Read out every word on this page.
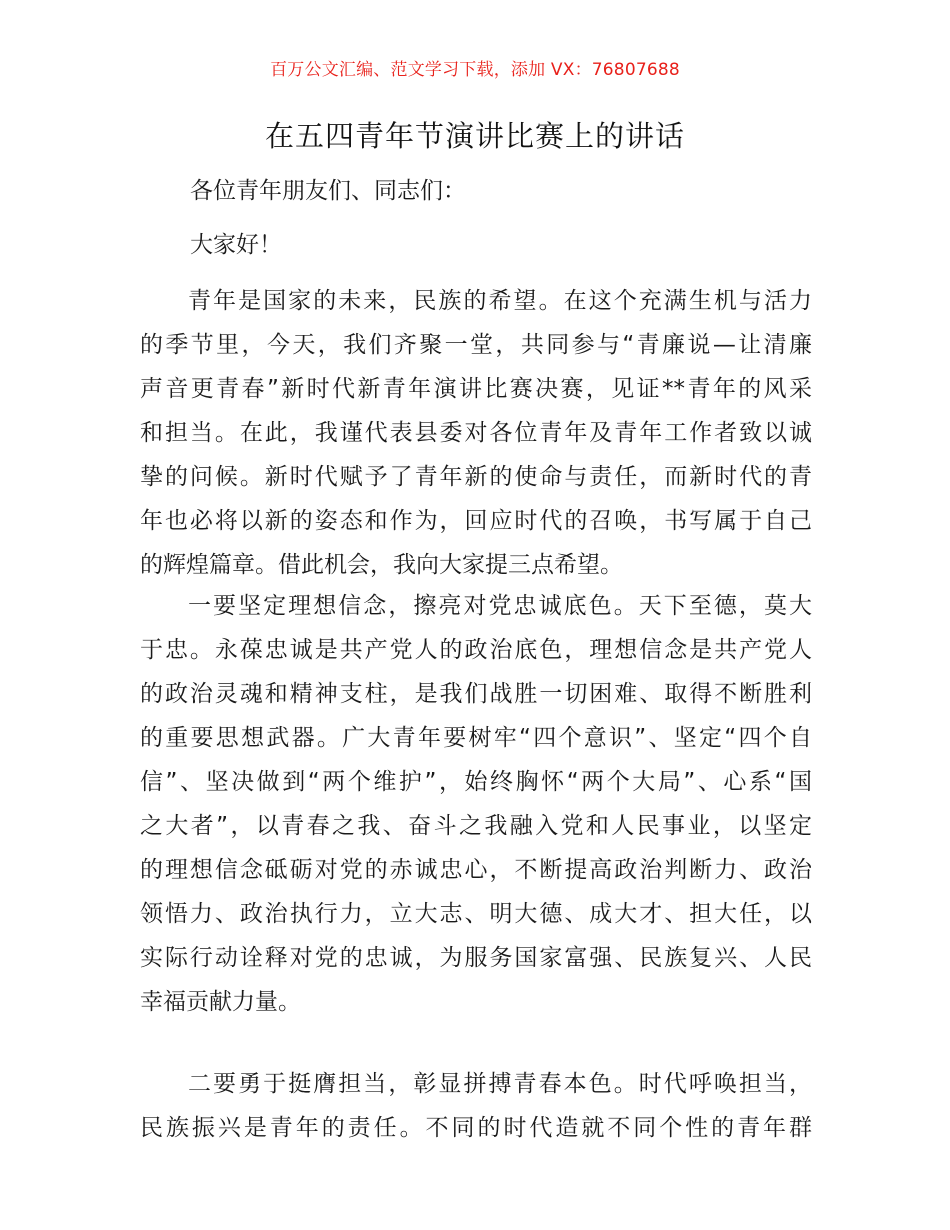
百万公文汇编、范文学习下载，添加 VX：76807688
在五四青年节演讲比赛上的讲话
各位青年朋友们、同志们：
大家好！
青年是国家的未来，民族的希望。在这个充满生机与活力
的季节里，今天，我们齐聚一堂，共同参与“青廉说—让清廉
声音更青春”新时代新青年演讲比赛决赛，见证**青年的风采
和担当。在此，我谨代表县委对各位青年及青年工作者致以诚
挚的问候。新时代赋予了青年新的使命与责任，而新时代的青
年也必将以新的姿态和作为，回应时代的召唤，书写属于自己
的辉煌篇章。借此机会，我向大家提三点希望。
一要坚定理想信念，擦亮对党忠诚底色。天下至德，莫大
于忠。永葆忠诚是共产党人的政治底色，理想信念是共产党人
的政治灵魂和精神支柱，是我们战胜一切困难、取得不断胜利
的重要思想武器。广大青年要树牢“四个意识”、坚定“四个自
信”、坚决做到“两个维护”，始终胸怀“两个大局”、心系“国
之大者”，以青春之我、奋斗之我融入党和人民事业，以坚定
的理想信念砥砺对党的赤诚忠心，不断提高政治判断力、政治
领悟力、政治执行力，立大志、明大德、成大才、担大任，以
实际行动诠释对党的忠诚，为服务国家富强、民族复兴、人民
幸福贡献力量。
二要勇于挺膺担当，彰显拼搏青春本色。时代呼唤担当，
民族振兴是青年的责任。不同的时代造就不同个性的青年群
